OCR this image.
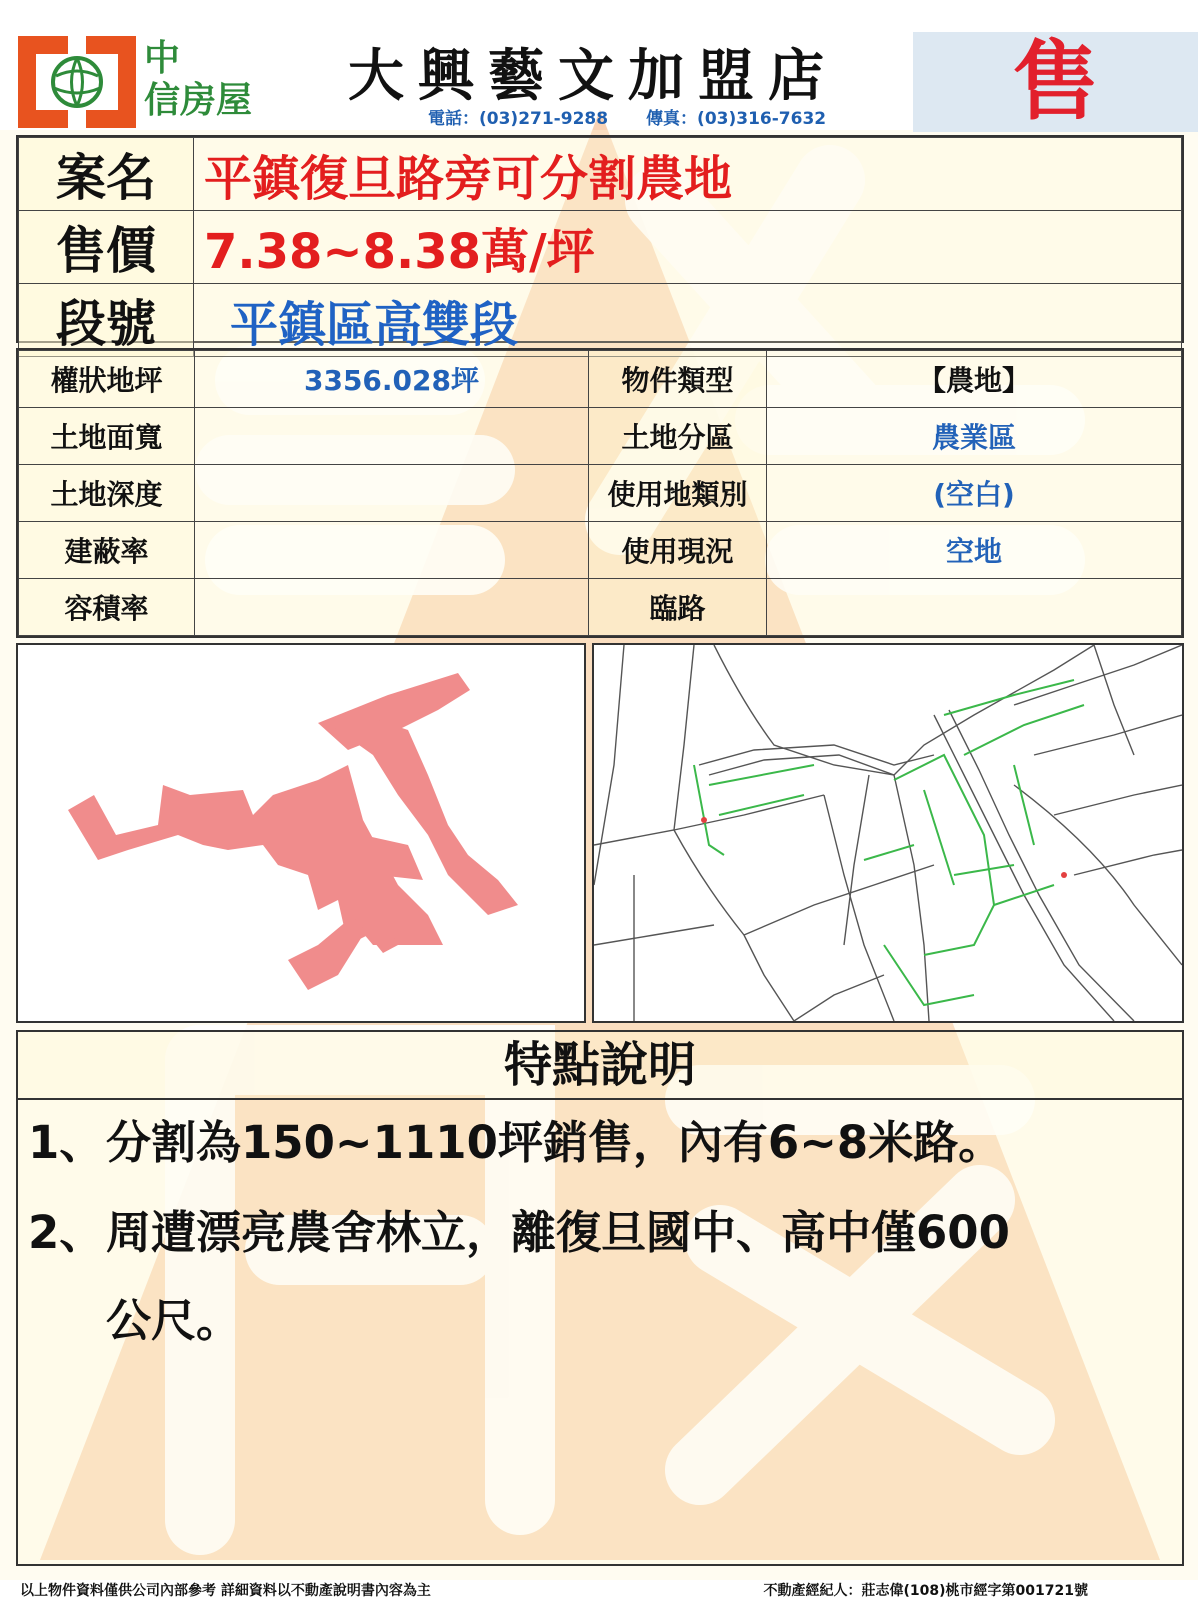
中
信房屋	大興藝文加盟店
電話：(03)271-9288 傳真：(03)316-7632	售
案名	平鎮復旦路旁可分割農地
售價	7.38~8.38萬/坪
段號	平鎮區高雙段
權狀地坪	3356.028坪	物件類型	【農地】
土地面寬		土地分區	農業區
土地深度		使用地類別	(空白)
建蔽率		使用現況	空地
容積率		臨路	
特點說明
1、分割為150~1110坪銷售，內有6~8米路。
2、周遭漂亮農舍林立，離復旦國中、高中僅600
公尺。
以上物件資料僅供公司內部參考 詳細資料以不動產說明書內容為主	不動產經紀人：莊志偉(108)桃市經字第001721號
